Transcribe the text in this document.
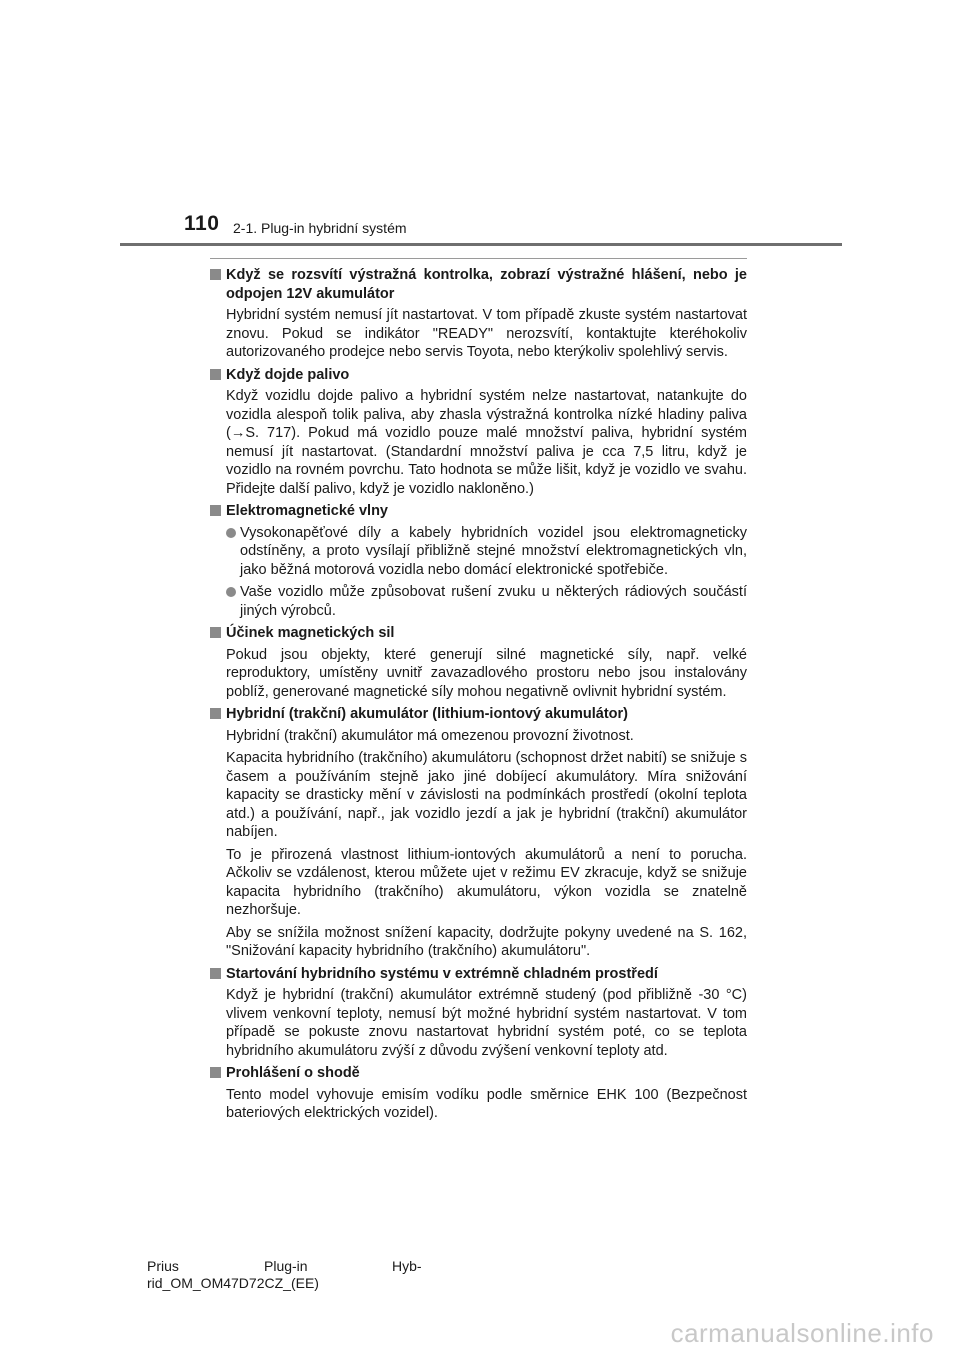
110 2-1. Plug-in hybridní systém
Když se rozsvítí výstražná kontrolka, zobrazí výstražné hlášení, nebo je odpojen 12V akumulátor

Hybridní systém nemusí jít nastartovat. V tom případě zkuste systém nastartovat znovu. Pokud se indikátor "READY" nerozsvítí, kontaktujte kteréhokoliv autorizovaného prodejce nebo servis Toyota, nebo kterýkoliv spolehlivý servis.

Když dojde palivo

Když vozidlu dojde palivo a hybridní systém nelze nastartovat, natankujte do vozidla alespoň tolik paliva, aby zhasla výstražná kontrolka nízké hladiny paliva (→S. 717). Pokud má vozidlo pouze malé množství paliva, hybridní systém nemusí jít nastartovat. (Standardní množství paliva je cca 7,5 litru, když je vozidlo na rovném povrchu. Tato hodnota se může lišit, když je vozidlo ve svahu. Přidejte další palivo, když je vozidlo nakloněno.)

Elektromagnetické vlny
Vysokonapěťové díly a kabely hybridních vozidel jsou elektromagneticky odstíněny, a proto vysílají přibližně stejné množství elektromagnetických vln, jako běžná motorová vozidla nebo domácí elektronické spotřebiče.
Vaše vozidlo může způsobovat rušení zvuku u některých rádiových součástí jiných výrobců.
Účinek magnetických sil

Pokud jsou objekty, které generují silné magnetické síly, např. velké reproduktory, umístěny uvnitř zavazadlového prostoru nebo jsou instalovány poblíž, generované magnetické síly mohou negativně ovlivnit hybridní systém.

Hybridní (trakční) akumulátor (lithium-iontový akumulátor)

Hybridní (trakční) akumulátor má omezenou provozní životnost.

Kapacita hybridního (trakčního) akumulátoru (schopnost držet nabití) se snižuje s časem a používáním stejně jako jiné dobíjecí akumulátory. Míra snižování kapacity se drasticky mění v závislosti na podmínkách prostředí (okolní teplota atd.) a používání, např., jak vozidlo jezdí a jak je hybridní (trakční) akumulátor nabíjen.

To je přirozená vlastnost lithium-iontových akumulátorů a není to porucha. Ačkoliv se vzdálenost, kterou můžete ujet v režimu EV zkracuje, když se snižuje kapacita hybridního (trakčního) akumulátoru, výkon vozidla se znatelně nezhoršuje.

Aby se snížila možnost snížení kapacity, dodržujte pokyny uvedené na S. 162, "Snižování kapacity hybridního (trakčního) akumulátoru".

Startování hybridního systému v extrémně chladném prostředí

Když je hybridní (trakční) akumulátor extrémně studený (pod přibližně -30 °C) vlivem venkovní teploty, nemusí být možné hybridní systém nastartovat. V tom případě se pokuste znovu nastartovat hybridní systém poté, co se teplota hybridního akumulátoru zvýší z důvodu zvýšení venkovní teploty atd.

Prohlášení o shodě

Tento model vyhovuje emisím vodíku podle směrnice EHK 100 (Bezpečnost bateriových elektrických vozidel).

Prius	Plug-in	Hyb-
rid_OM_OM47D72CZ_(EE)
carmanualsonline.info
